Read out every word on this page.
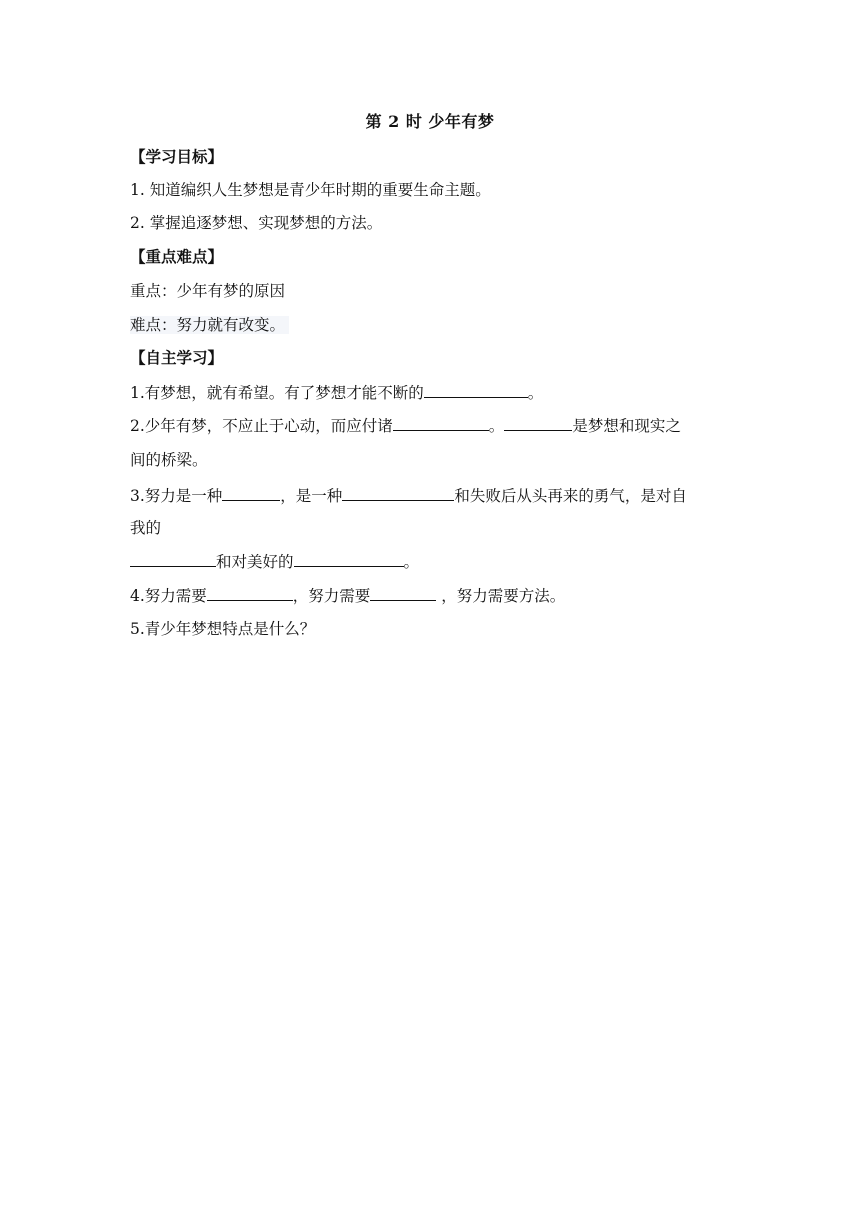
第 2 时 少年有梦
【学习目标】
1. 知道编织人生梦想是青少年时期的重要生命主题。
2. 掌握追逐梦想、实现梦想的方法。
【重点难点】
重点：少年有梦的原因
难点：努力就有改变。
【自主学习】
1.有梦想，就有希望。有了梦想才能不断的	。
2.少年有梦，不应止于心动，而应付诸	。	是梦想和现实之
间的桥梁。
3.努力是一种	，是一种	和失败后从头再来的勇气，是对自
我的
和对美好的	。
4.努力需要	，努力需要	，努力需要方法。
5.青少年梦想特点是什么？
